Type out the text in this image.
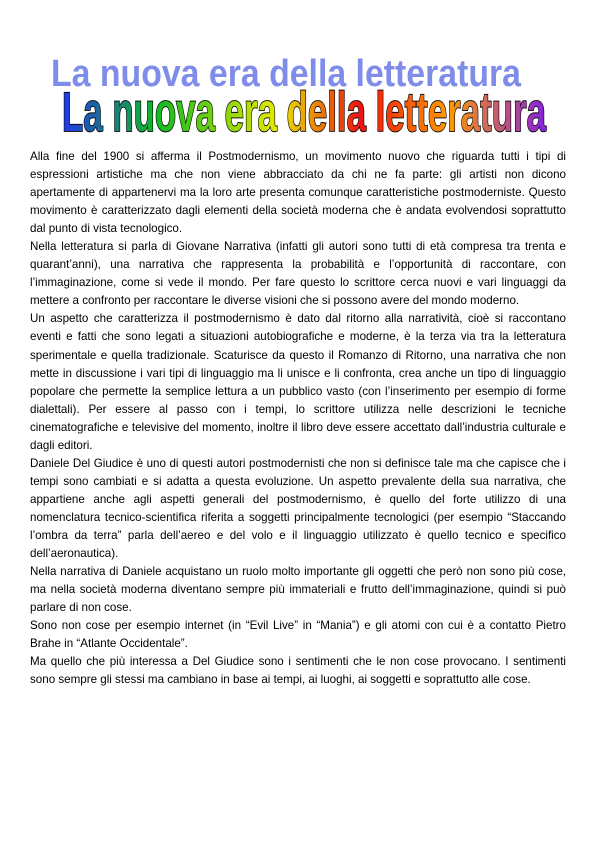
La nuova era della letteratura
La nuova era della letteratura

Alla fine del 1900 si afferma il Postmodernismo, un movimento nuovo che riguarda tutti i tipi di espressioni artistiche ma che non viene abbracciato da chi ne fa parte: gli artisti non dicono apertamente di appartenervi ma la loro arte presenta comunque caratteristiche postmoderniste. Questo movimento è caratterizzato dagli elementi della società moderna che è andata evolvendosi soprattutto dal punto di vista tecnologico.

Nella letteratura si parla di Giovane Narrativa (infatti gli autori sono tutti di età compresa tra trenta e quarant’anni), una narrativa che rappresenta la probabilità e l’opportunità di raccontare, con l’immaginazione, come si vede il mondo. Per fare questo lo scrittore cerca nuovi e vari linguaggi da mettere a confronto per raccontare le diverse visioni che si possono avere del mondo moderno.

Un aspetto che caratterizza il postmodernismo è dato dal ritorno alla narratività, cioè si raccontano eventi e fatti che sono legati a situazioni autobiografiche e moderne, è la terza via tra la letteratura sperimentale e quella tradizionale. Scaturisce da questo il Romanzo di Ritorno, una narrativa che non mette in discussione i vari tipi di linguaggio ma li unisce e li confronta, crea anche un tipo di linguaggio popolare che permette la semplice lettura a un pubblico vasto (con l’inserimento per esempio di forme dialettali). Per essere al passo con i tempi, lo scrittore utilizza nelle descrizioni le tecniche cinematografiche e televisive del momento, inoltre il libro deve essere accettato dall’industria culturale e dagli editori.

Daniele Del Giudice è uno di questi autori postmodernisti che non si definisce tale ma che capisce che i tempi sono cambiati e si adatta a questa evoluzione. Un aspetto prevalente della sua narrativa, che appartiene anche agli aspetti generali del postmodernismo, è quello del forte utilizzo di una nomenclatura tecnico-scientifica riferita a soggetti principalmente tecnologici (per esempio “Staccando l’ombra da terra” parla dell’aereo e del volo e il linguaggio utilizzato è quello tecnico e specifico dell’aeronautica).

Nella narrativa di Daniele acquistano un ruolo molto importante gli oggetti che però non sono più cose, ma nella società moderna diventano sempre più immateriali e frutto dell’immaginazione, quindi si può parlare di non cose.

Sono non cose per esempio internet (in “Evil Live” in “Mania”) e gli atomi con cui è a contatto Pietro Brahe in “Atlante Occidentale”.

Ma quello che più interessa a Del Giudice sono i sentimenti che le non cose provocano. I sentimenti sono sempre gli stessi ma cambiano in base ai tempi, ai luoghi, ai soggetti e soprattutto alle cose.
